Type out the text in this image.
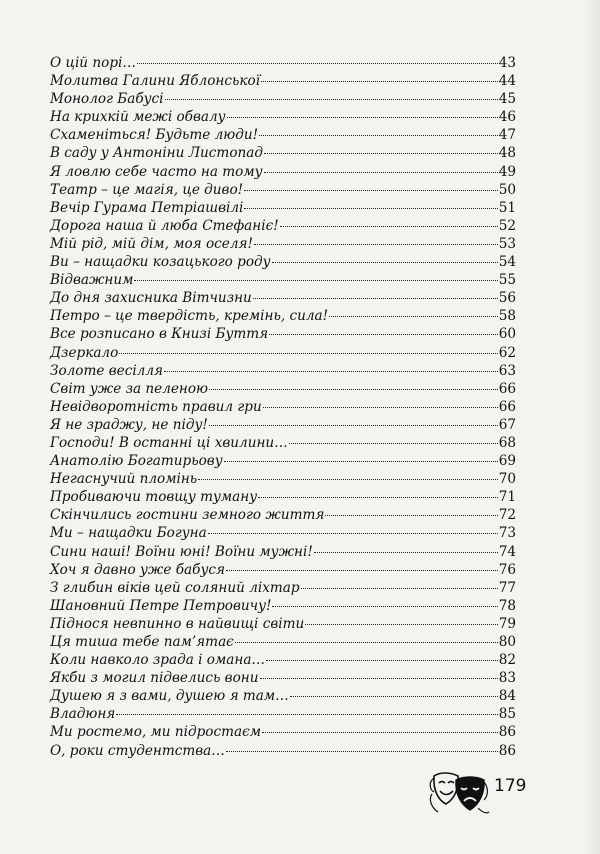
О цій порі…	43
Молитва Галини Яблонської	44
Монолог Бабусі	45
На крихкій межі обвалу	46
Схаменіться! Будьте люди!	47
В саду у Антоніни Листопад	48
Я ловлю себе часто на тому	49
Театр – це магія, це диво!	50
Вечір Гурама Петріашвілі	51
Дорога наша й люба Стефаніє!	52
Мій рід, мій дім, моя оселя!	53
Ви – нащадки козацького роду	54
Відважним	55
До дня захисника Вітчизни	56
Петро – це твердість, кремінь, сила!	58
Все розписано в Книзі Буття	60
Дзеркало	62
Золоте весілля	63
Світ уже за пеленою	66
Невідворотність правил гри	66
Я не зраджу, не піду!	67
Господи! В останні ці хвилини…	68
Анатолію Богатирьову	69
Негаснучий пломінь	70
Пробиваючи товщу туману	71
Скінчились гостини земного життя	72
Ми – нащадки Богуна	73
Сини наші! Воїни юні! Воїни мужні!	74
Хоч я давно уже бабуся	76
З глибин віків цей соляний ліхтар	77
Шановний Петре Петровичу!	78
Піднося невпинно в найвищі світи	79
Ця тиша тебе пам’ятає	80
Коли навколо зрада і омана…	82
Якби з могил підвелись вони	83
Душею я з вами, душею я там…	84
Владюня	85
Ми ростемо, ми підростаєм	86
О, роки студентства…	86
179
